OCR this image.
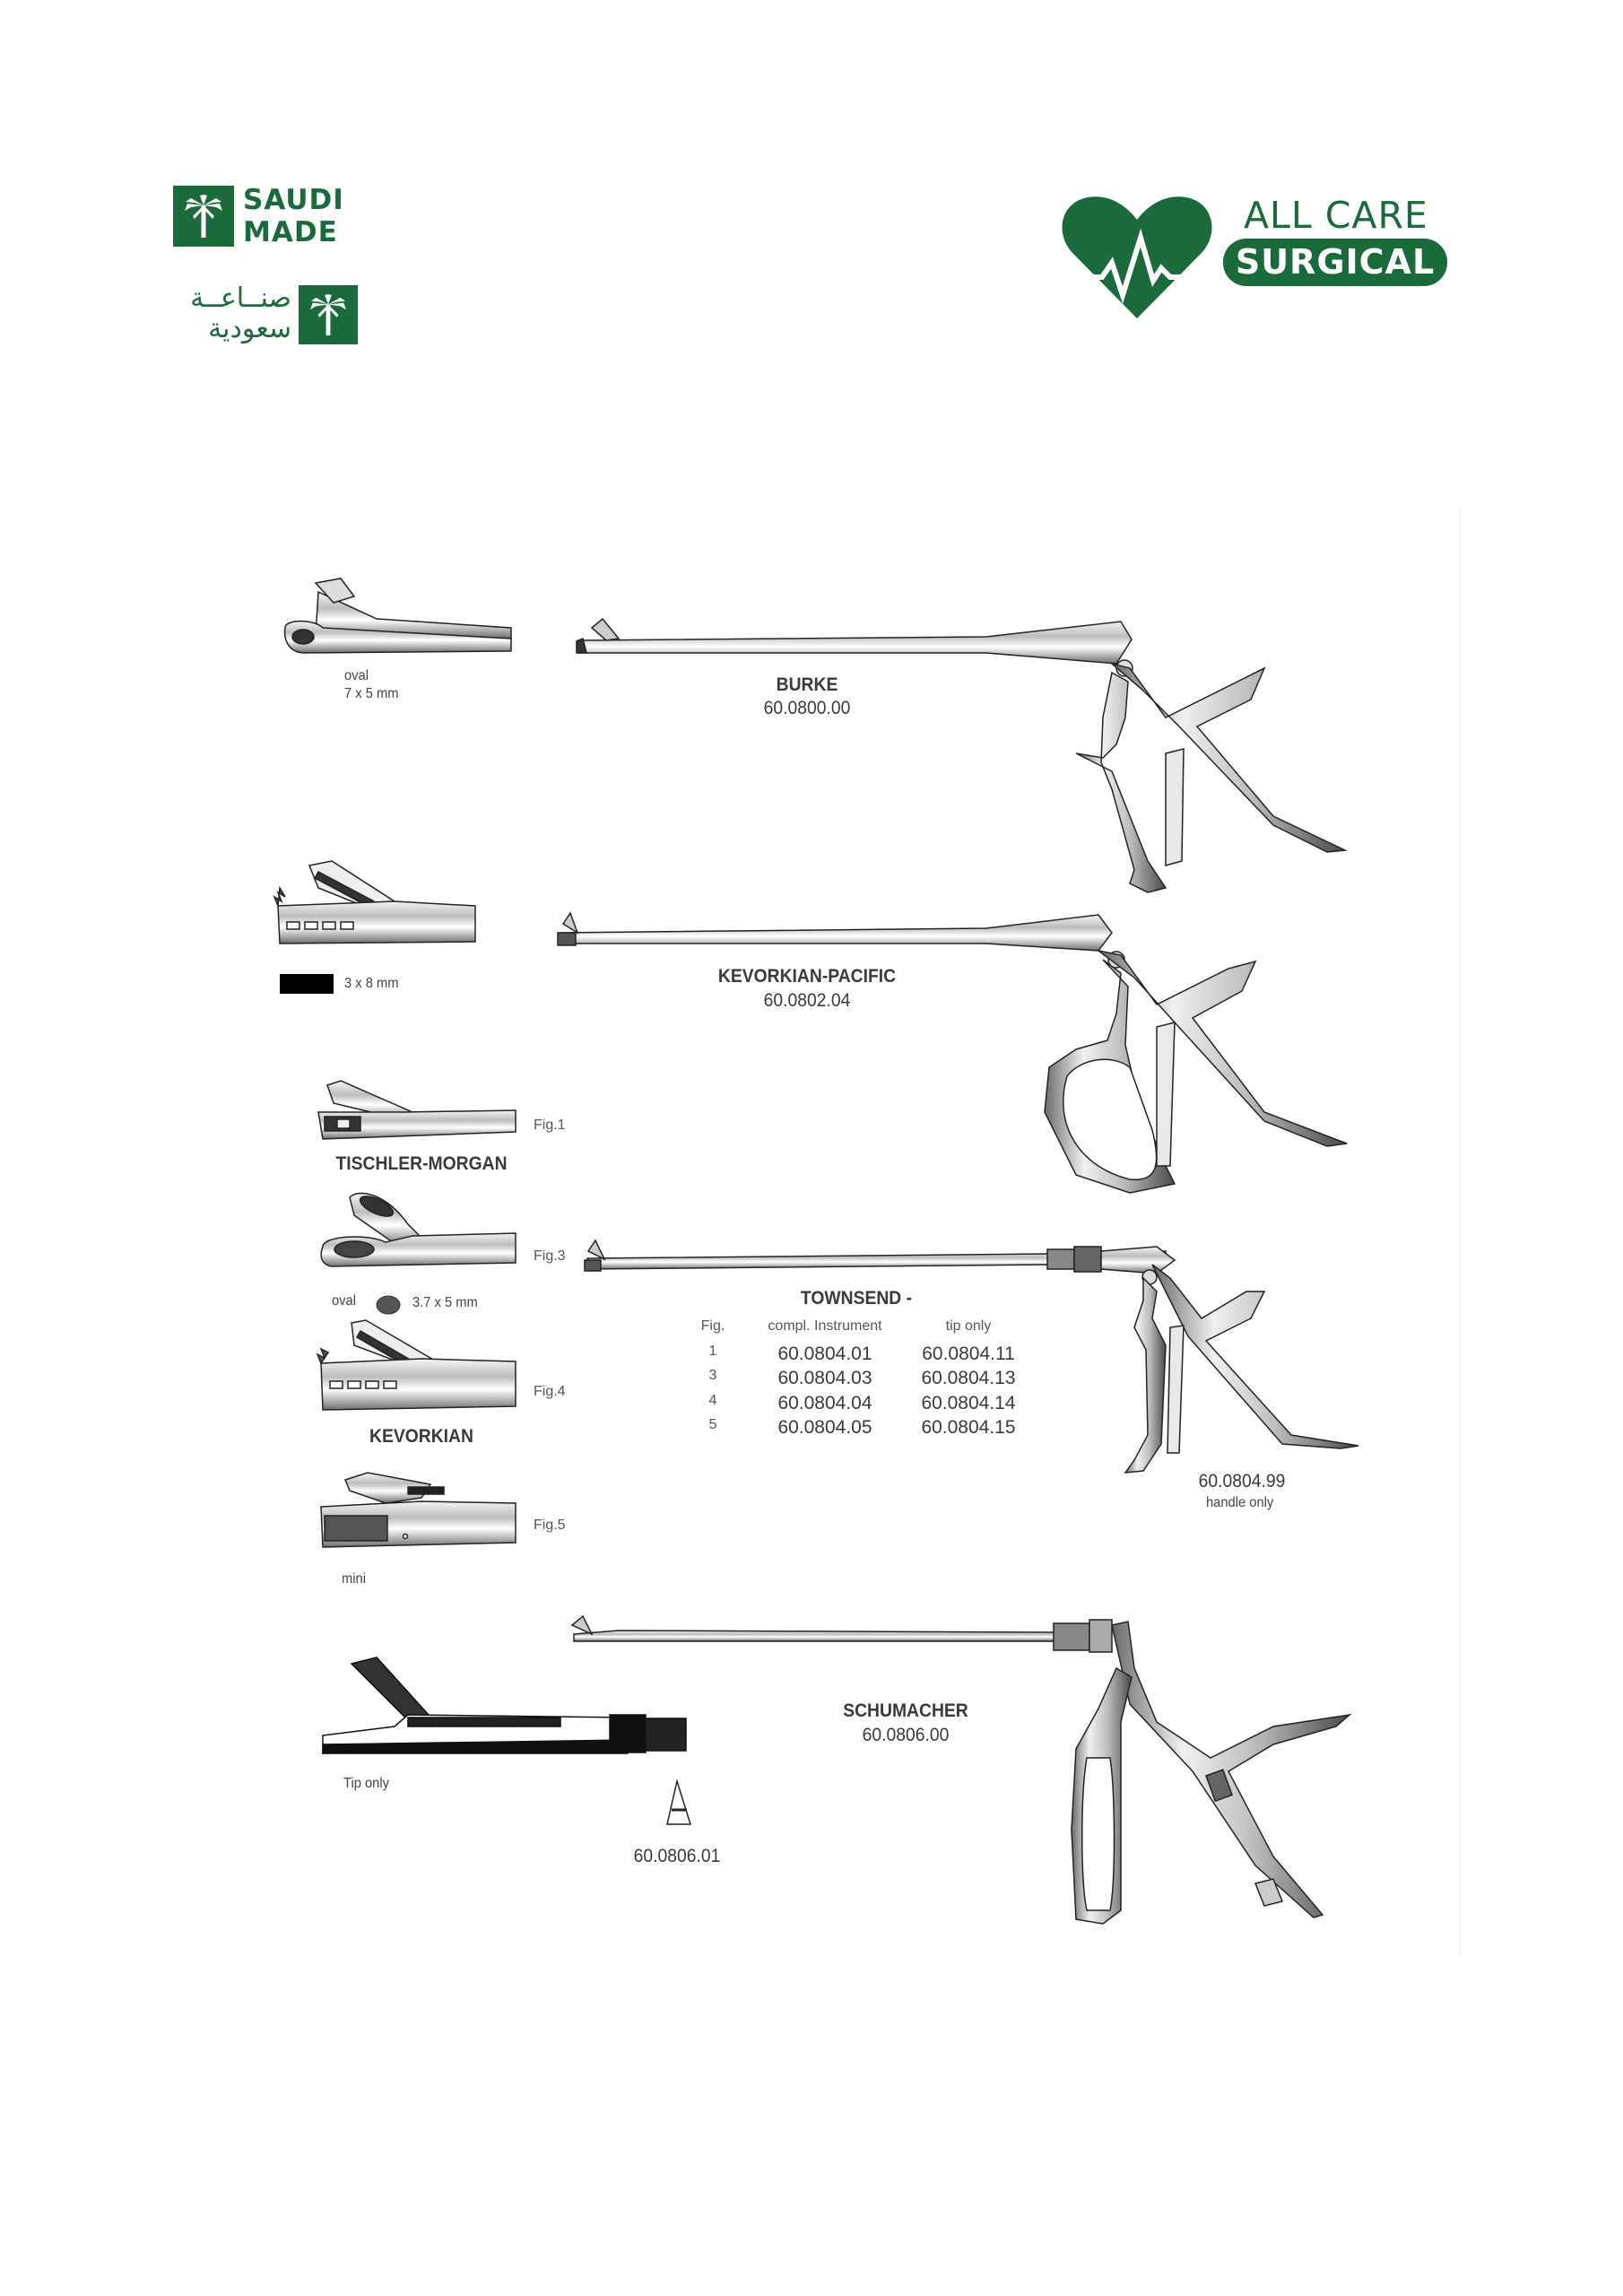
SAUDI
MADE
صنــاعــة
سعودية
ALL CARE
SURGICAL
oval
7 x 5 mm	BURKE
60.0800.00
3 x 8 mm	KEVORKIAN-PACIFIC
60.0802.04
Fig.1
TISCHLER-MORGAN
Fig.3
oval	3.7 x 5 mm
Fig.4
KEVORKIAN
Fig.5
mini
TOWNSEND -
Fig.	compl. Instrument	tip only
1	60.0804.01	60.0804.11
3	60.0804.03	60.0804.13
4	60.0804.04	60.0804.14
5	60.0804.05	60.0804.15
60.0804.99
handle only
Tip only
60.0806.01
SCHUMACHER
60.0806.00
